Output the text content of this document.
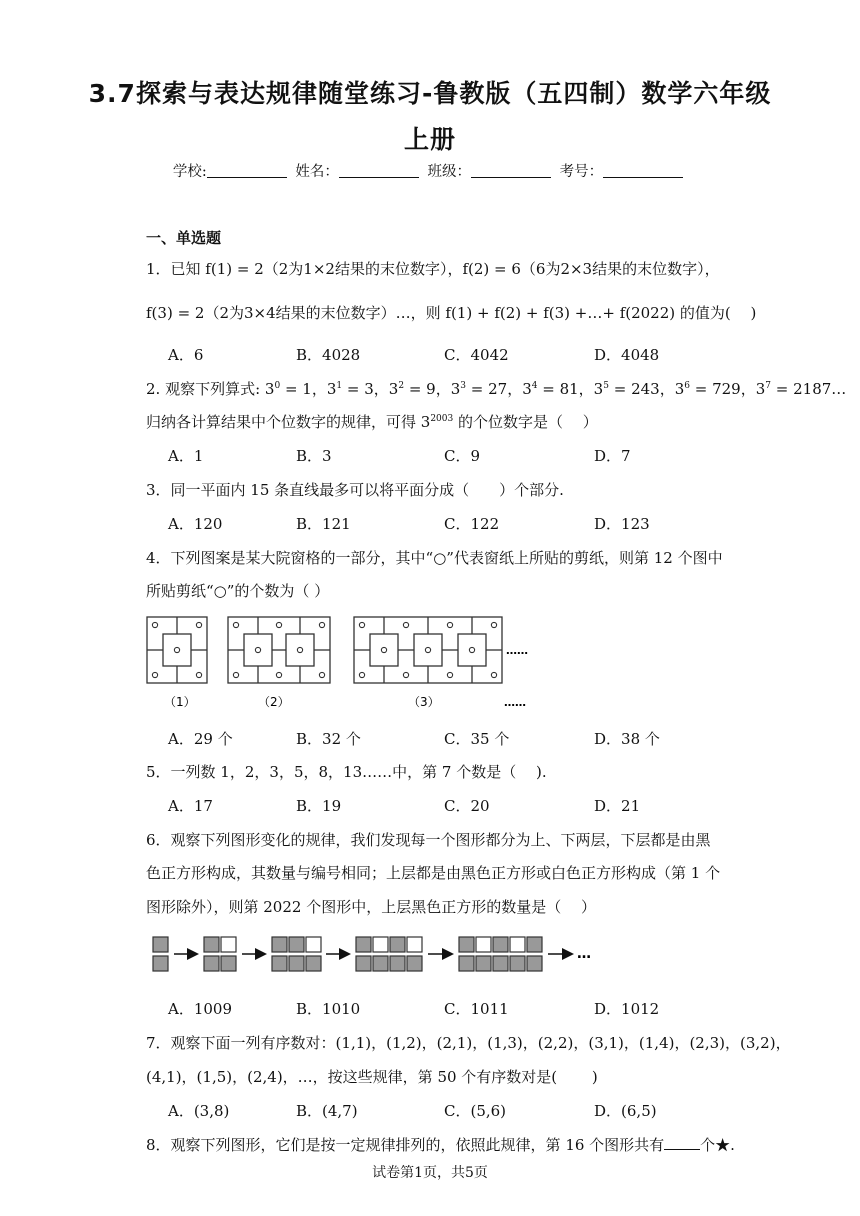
3.7探索与表达规律随堂练习-鲁教版（五四制）数学六年级
上册
学校:	姓名：	班级：	考号：
一、单选题
1．已知 f(1) = 2（2为1×2结果的末位数字），f(2) = 6（6为2×3结果的末位数字），
f(3) = 2（2为3×4结果的末位数字）…，则 f(1) + f(2) + f(3) +…+ f(2022) 的值为(　 )
A．6	B．4028	C．4042	D．4048
2. 观察下列算式: $3^0 = 1$，$3^1 = 3$，$3^2 = 9$，$3^3 = 27$，$3^4 = 81$，$3^5 = 243$，$3^6 = 729$，$3^7$ = 2187…
归纳各计算结果中个位数字的规律，可得 $3^{2003}$ 的个位数字是（　 ）
A．1	B．3	C．9	D．7
3．同一平面内 15 条直线最多可以将平面分成（　　）个部分.
A．120	B．121	C．122	D．123
4．下列图案是某大院窗格的一部分，其中“○”代表窗纸上所贴的剪纸，则第 12 个图中
所贴剪纸“○”的个数为（ ）
……
……
（1）	（2）	（3）
A．29 个	B．32 个	C．35 个	D．38 个
5．一列数 1，2，3，5，8，13……中，第 7 个数是（　 ).
A．17	B．19	C．20	D．21
6．观察下列图形变化的规律，我们发现每一个图形都分为上、下两层，下层都是由黑
色正方形构成，其数量与编号相同；上层都是由黑色正方形或白色正方形构成（第 1 个
图形除外），则第 2022 个图形中，上层黑色正方形的数量是（　 ）
…
A．1009	B．1010	C．1011	D．1012
7．观察下面一列有序数对：(1,1)，(1,2)，(2,1)，(1,3)，(2,2)，(3,1)，(1,4)，(2,3)，(3,2)，
(4,1)，(1,5)，(2,4)，…，按这些规律，第 50 个有序数对是(　　 )
A．(3,8)	B．(4,7)	C．(5,6)	D．(6,5)
8．观察下列图形，它们是按一定规律排列的，依照此规律，第 16 个图形共有 个★.
试卷第1页，共5页
